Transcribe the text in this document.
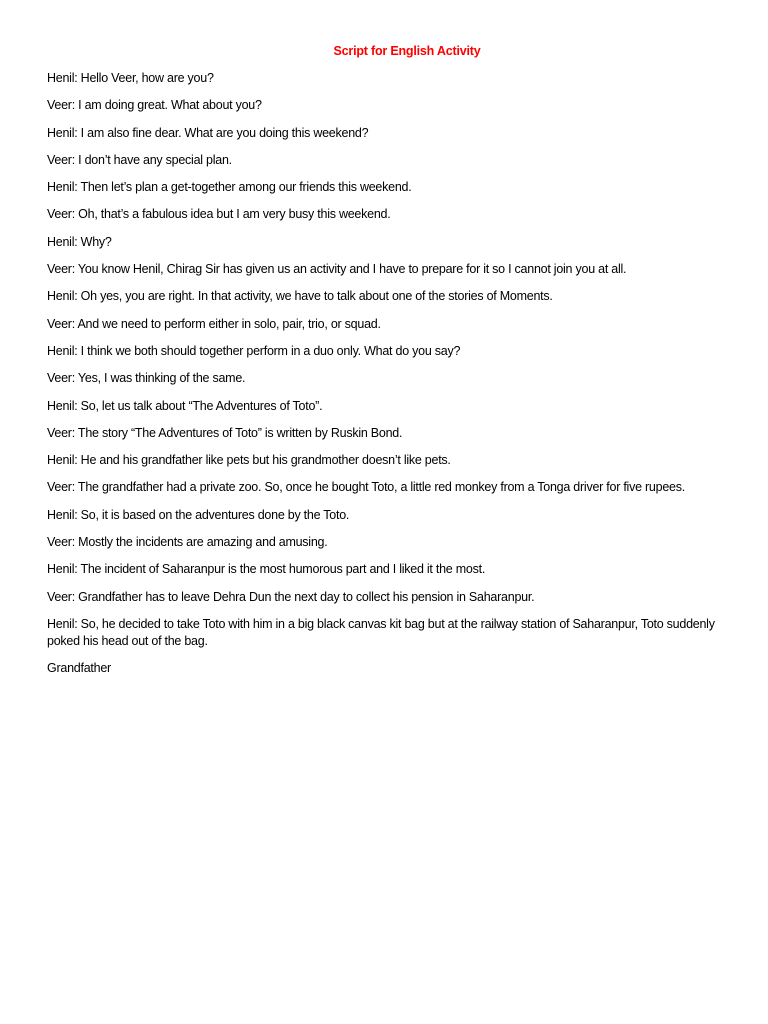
Script for English Activity

Henil: Hello Veer, how are you?

Veer: I am doing great. What about you?

Henil: I am also fine dear. What are you doing this weekend?

Veer: I don’t have any special plan.

Henil: Then let’s plan a get-together among our friends this weekend.

Veer: Oh, that’s a fabulous idea but I am very busy this weekend.

Henil: Why?

Veer: You know Henil, Chirag Sir has given us an activity and I have to prepare for it so I cannot join you at all.

Henil: Oh yes, you are right. In that activity, we have to talk about one of the stories of Moments.

Veer: And we need to perform either in solo, pair, trio, or squad.

Henil: I think we both should together perform in a duo only. What do you say?

Veer: Yes, I was thinking of the same.

Henil: So, let us talk about “The Adventures of Toto”.

Veer: The story “The Adventures of Toto” is written by Ruskin Bond.

Henil: He and his grandfather like pets but his grandmother doesn’t like pets.

Veer: The grandfather had a private zoo. So, once he bought Toto, a little red monkey from a Tonga driver for five rupees.

Henil: So, it is based on the adventures done by the Toto.

Veer: Mostly the incidents are amazing and amusing.

Henil: The incident of Saharanpur is the most humorous part and I liked it the most.

Veer: Grandfather has to leave Dehra Dun the next day to collect his pension in Saharanpur.

Henil: So, he decided to take Toto with him in a big black canvas kit bag but at the railway station of Saharanpur, Toto suddenly poked his head out of the bag.

Grandfather
